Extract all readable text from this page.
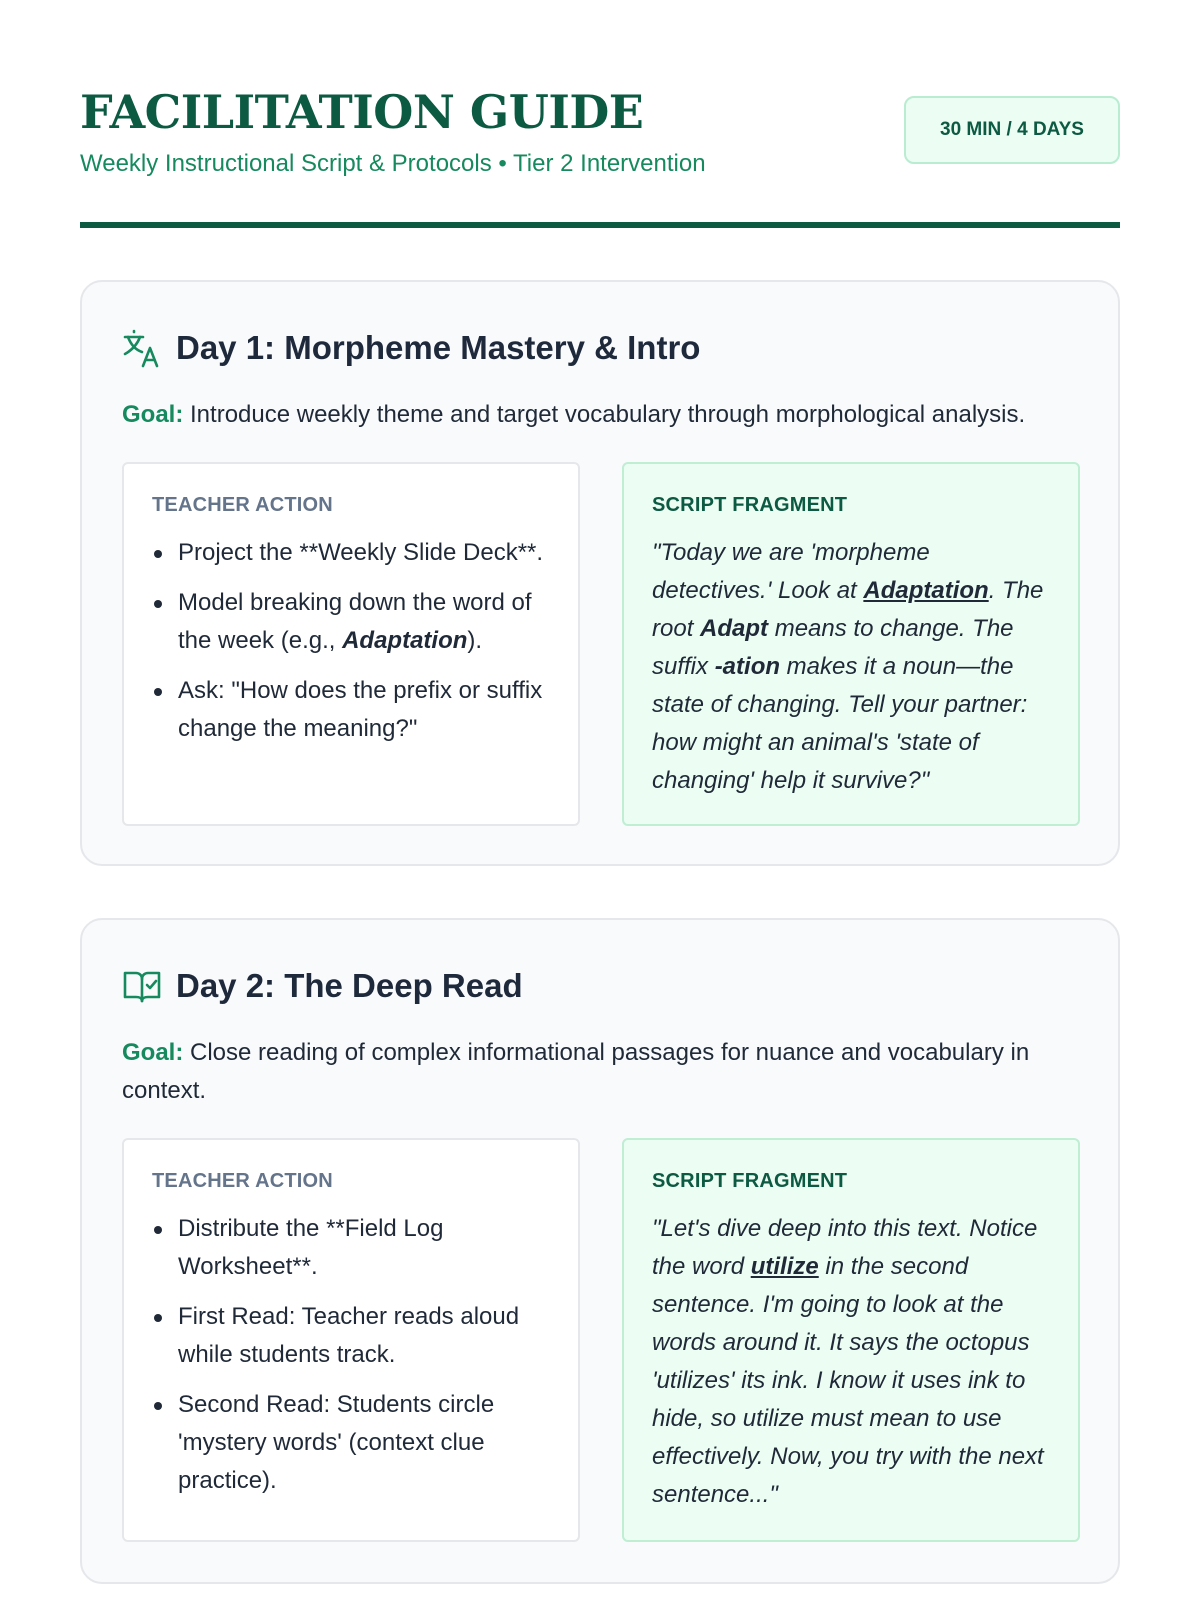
FACILITATION GUIDE
Weekly Instructional Script & Protocols • Tier 2 Intervention
30 MIN / 4 DAYS
Day 1: Morpheme Mastery & Intro
Goal: Introduce weekly theme and target vocabulary through morphological analysis.
TEACHER ACTION
Project the **Weekly Slide Deck**.
Model breaking down the word of the week (e.g., Adaptation).
Ask: "How does the prefix or suffix change the meaning?"
SCRIPT FRAGMENT
"Today we are 'morpheme detectives.' Look at Adaptation. The root Adapt means to change. The suffix -ation makes it a noun—the state of changing. Tell your partner: how might an animal's 'state of changing' help it survive?"
Day 2: The Deep Read
Goal: Close reading of complex informational passages for nuance and vocabulary in context.
TEACHER ACTION
Distribute the **Field Log Worksheet**.
First Read: Teacher reads aloud while students track.
Second Read: Students circle 'mystery words' (context clue practice).
SCRIPT FRAGMENT
"Let's dive deep into this text. Notice the word utilize in the second sentence. I'm going to look at the words around it. It says the octopus 'utilizes' its ink. I know it uses ink to hide, so utilize must mean to use effectively. Now, you try with the next sentence..."
